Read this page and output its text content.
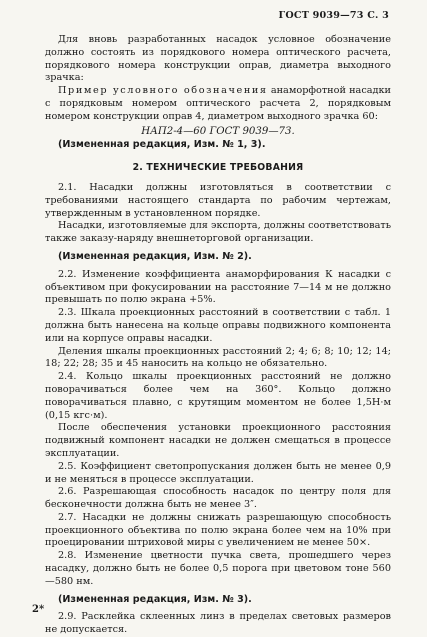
ГОСТ 9039—73 С. 3

Для вновь разработанных насадок условное обозначение должно состоять из порядкового номера оптического расчета, порядкового номера конструкции оправ, диаметра выходного зрачка:

Пример условного обозначения анаморфотной насадки с порядковым номером оптического расчета 2, порядковым номером конструкции оправ 4, диаметром выходного зрачка 60:

НАП2-4—60 ГОСТ 9039—73.

(Измененная редакция, Изм. № 1, 3).

2. ТЕХНИЧЕСКИЕ ТРЕБОВАНИЯ

2.1. Насадки должны изготовляться в соответствии с требованиями настоящего стандарта по рабочим чертежам, утвержденным в установленном порядке.

Насадки, изготовляемые для экспорта, должны соответствовать также заказу-наряду внешнеторговой организации.

(Измененная редакция, Изм. № 2).

2.2. Изменение коэффициента анаморфирования К насадки с объективом при фокусировании на расстояние 7—14 м не должно превышать по полю экрана +5%.

2.3. Шкала проекционных расстояний в соответствии с табл. 1 должна быть нанесена на кольце оправы подвижного компонента или на корпусе оправы насадки.

Деления шкалы проекционных расстояний 2; 4; 6; 8; 10; 12; 14; 18; 22; 28; 35 и 45 наносить на кольцо не обязательно.

2.4. Кольцо шкалы проекционных расстояний не должно поворачиваться более чем на 360°. Кольцо должно поворачиваться плавно, с крутящим моментом не более 1,5Н·м (0,15 кгс·м).

После обеспечения установки проекционного расстояния подвижный компонент насадки не должен смещаться в процессе эксплуатации.

2.5. Коэффициент светопропускания должен быть не менее 0,9 и не меняться в процессе эксплуатации.

2.6. Разрешающая способность насадок по центру поля для бесконечности должна быть не менее 3″.

2.7. Насадки не должны снижать разрешающую способность проекционного объектива по полю экрана более чем на 10% при проецировании штриховой миры с увеличением не менее 50×.

2.8. Изменение цветности пучка света, прошедшего через насадку, должно быть не более 0,5 порога при цветовом тоне 560—580 нм.

(Измененная редакция, Изм. № 3).

2.9. Расклейка склеенных линз в пределах световых размеров не допускается.

2*
